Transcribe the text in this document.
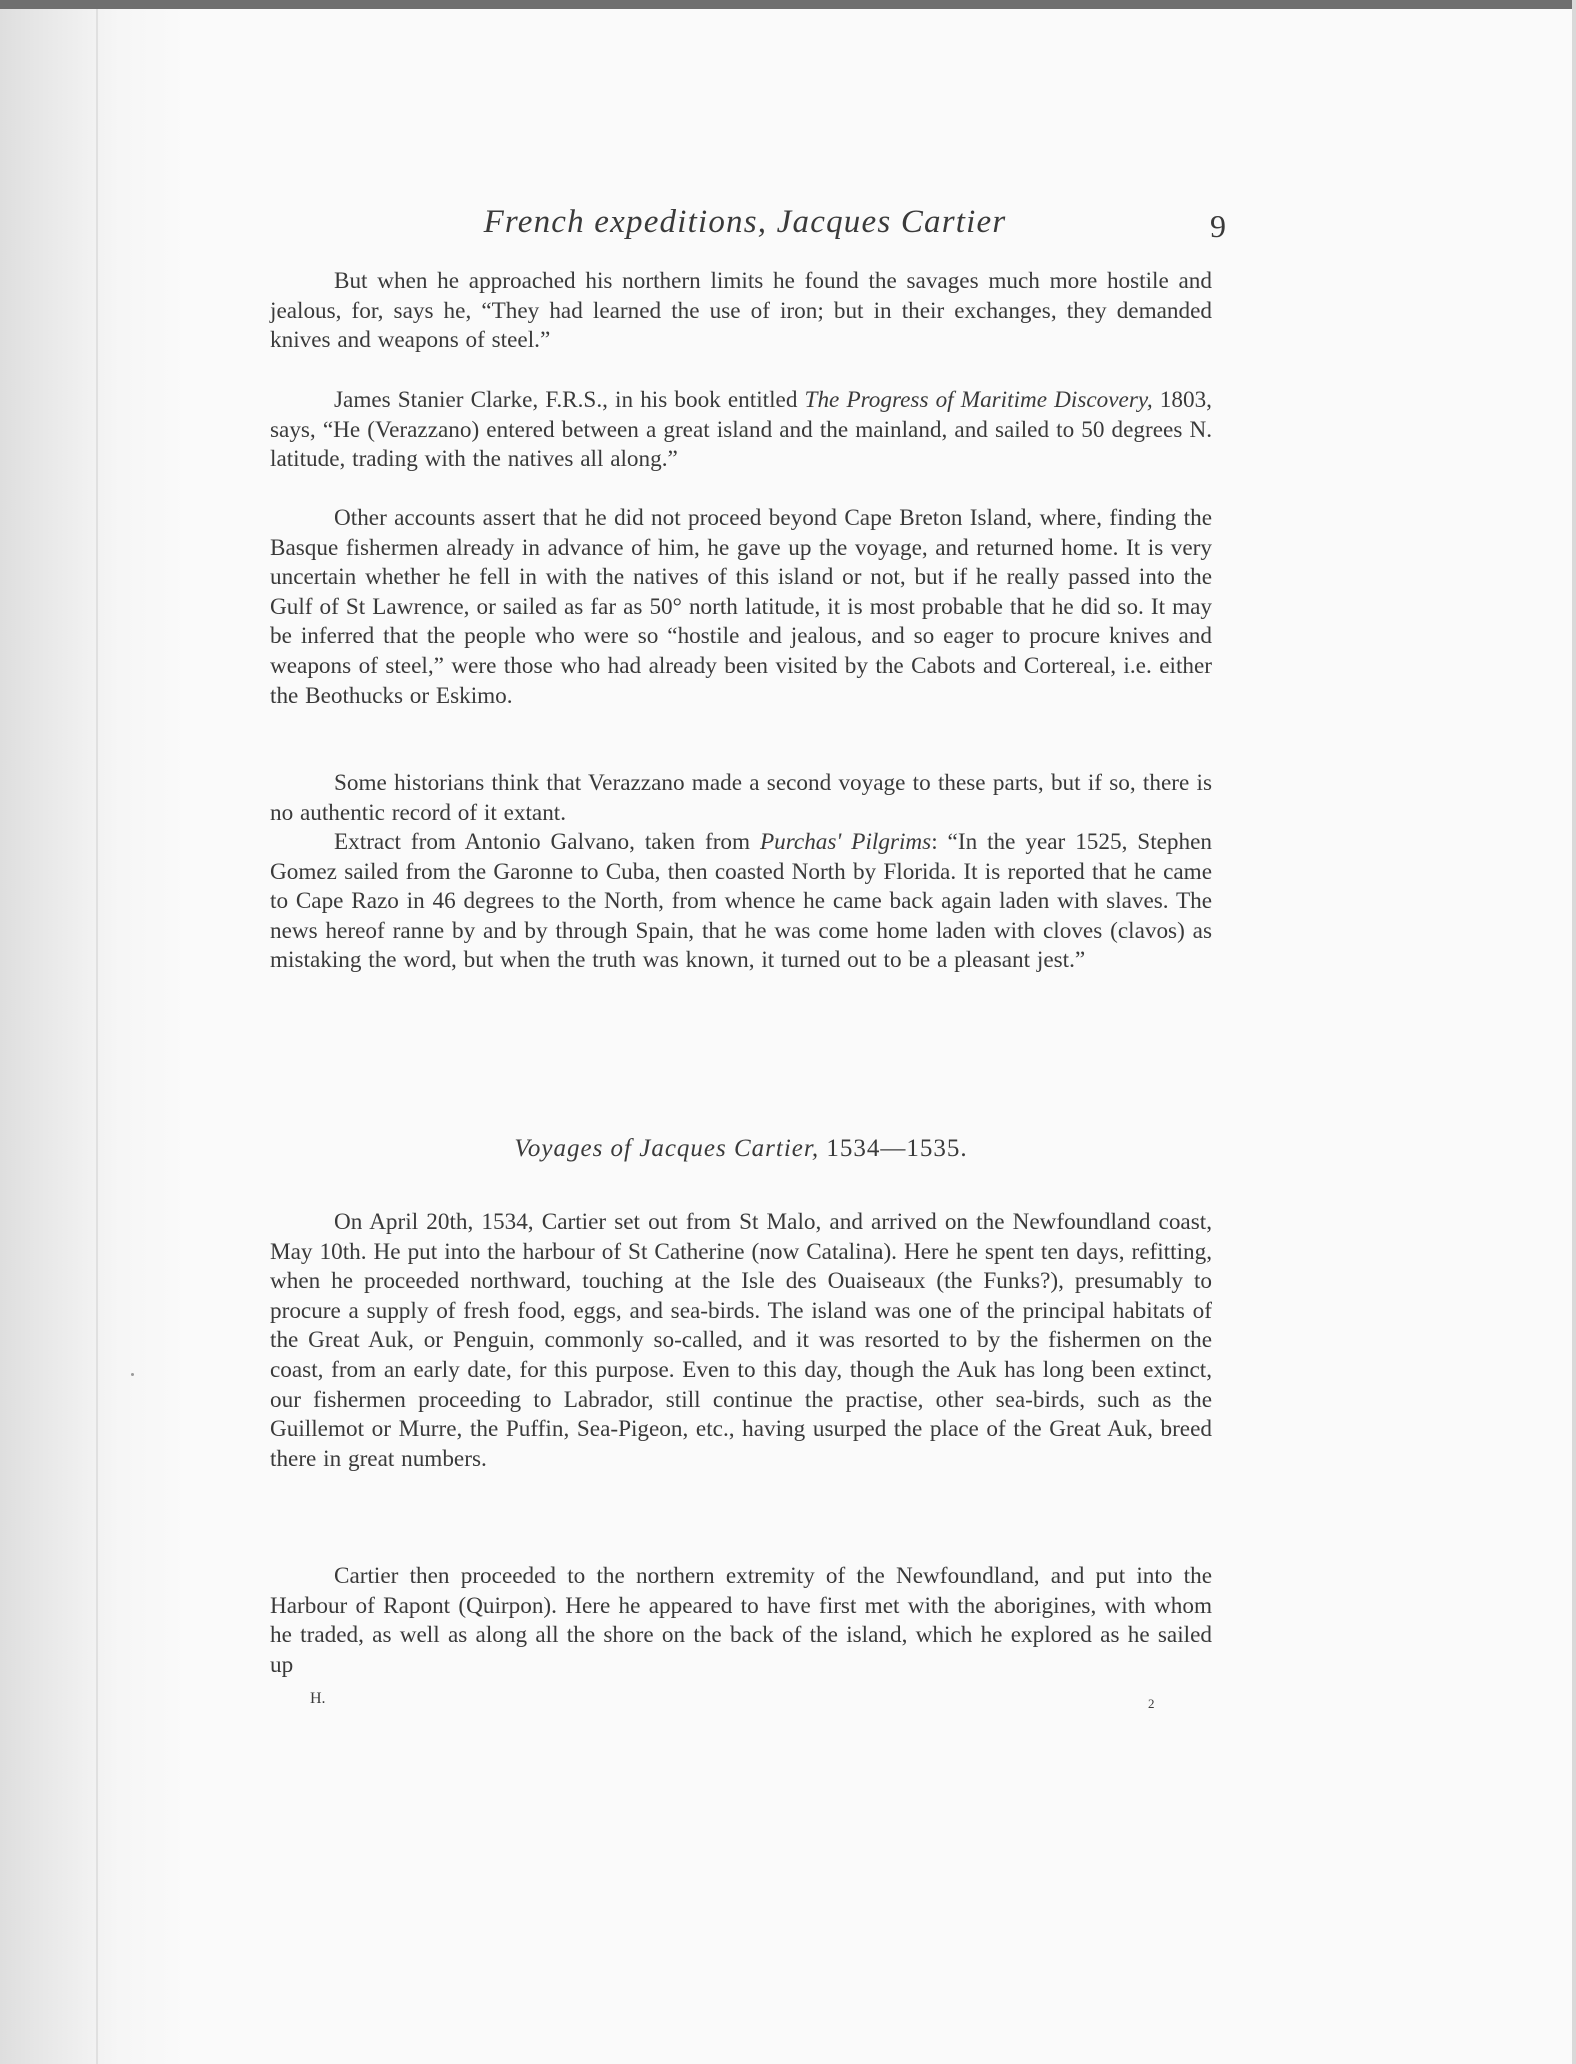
French expeditions, Jacques Cartier	9

But when he approached his northern limits he found the savages much more hostile and jealous, for, says he, “They had learned the use of iron; but in their exchanges, they demanded knives and weapons of steel.”

James Stanier Clarke, F.R.S., in his book entitled The Progress of Maritime Discovery, 1803, says, “He (Verazzano) entered between a great island and the mainland, and sailed to 50 degrees N. latitude, trading with the natives all along.”

Other accounts assert that he did not proceed beyond Cape Breton Island, where, finding the Basque fishermen already in advance of him, he gave up the voyage, and returned home. It is very uncertain whether he fell in with the natives of this island or not, but if he really passed into the Gulf of St Lawrence, or sailed as far as 50° north latitude, it is most probable that he did so. It may be inferred that the people who were so “hostile and jealous, and so eager to procure knives and weapons of steel,” were those who had already been visited by the Cabots and Cortereal, i.e. either the Beothucks or Eskimo.

Some historians think that Verazzano made a second voyage to these parts, but if so, there is no authentic record of it extant.

Extract from Antonio Galvano, taken from Purchas' Pilgrims: “In the year 1525, Stephen Gomez sailed from the Garonne to Cuba, then coasted North by Florida. It is reported that he came to Cape Razo in 46 degrees to the North, from whence he came back again laden with slaves. The news hereof ranne by and by through Spain, that he was come home laden with cloves (clavos) as mistaking the word, but when the truth was known, it turned out to be a pleasant jest.”

Voyages of Jacques Cartier, 1534—1535.

On April 20th, 1534, Cartier set out from St Malo, and arrived on the Newfoundland coast, May 10th. He put into the harbour of St Catherine (now Catalina). Here he spent ten days, refitting, when he proceeded northward, touching at the Isle des Ouaiseaux (the Funks?), presumably to procure a supply of fresh food, eggs, and sea-birds. The island was one of the principal habitats of the Great Auk, or Penguin, commonly so-called, and it was resorted to by the fishermen on the coast, from an early date, for this purpose. Even to this day, though the Auk has long been extinct, our fishermen proceeding to Labrador, still continue the practise, other sea-birds, such as the Guillemot or Murre, the Puffin, Sea-Pigeon, etc., having usurped the place of the Great Auk, breed there in great numbers.

Cartier then proceeded to the northern extremity of the Newfoundland, and put into the Harbour of Rapont (Quirpon). Here he appeared to have first met with the aborigines, with whom he traded, as well as along all the shore on the back of the island, which he explored as he sailed up

H.	2
